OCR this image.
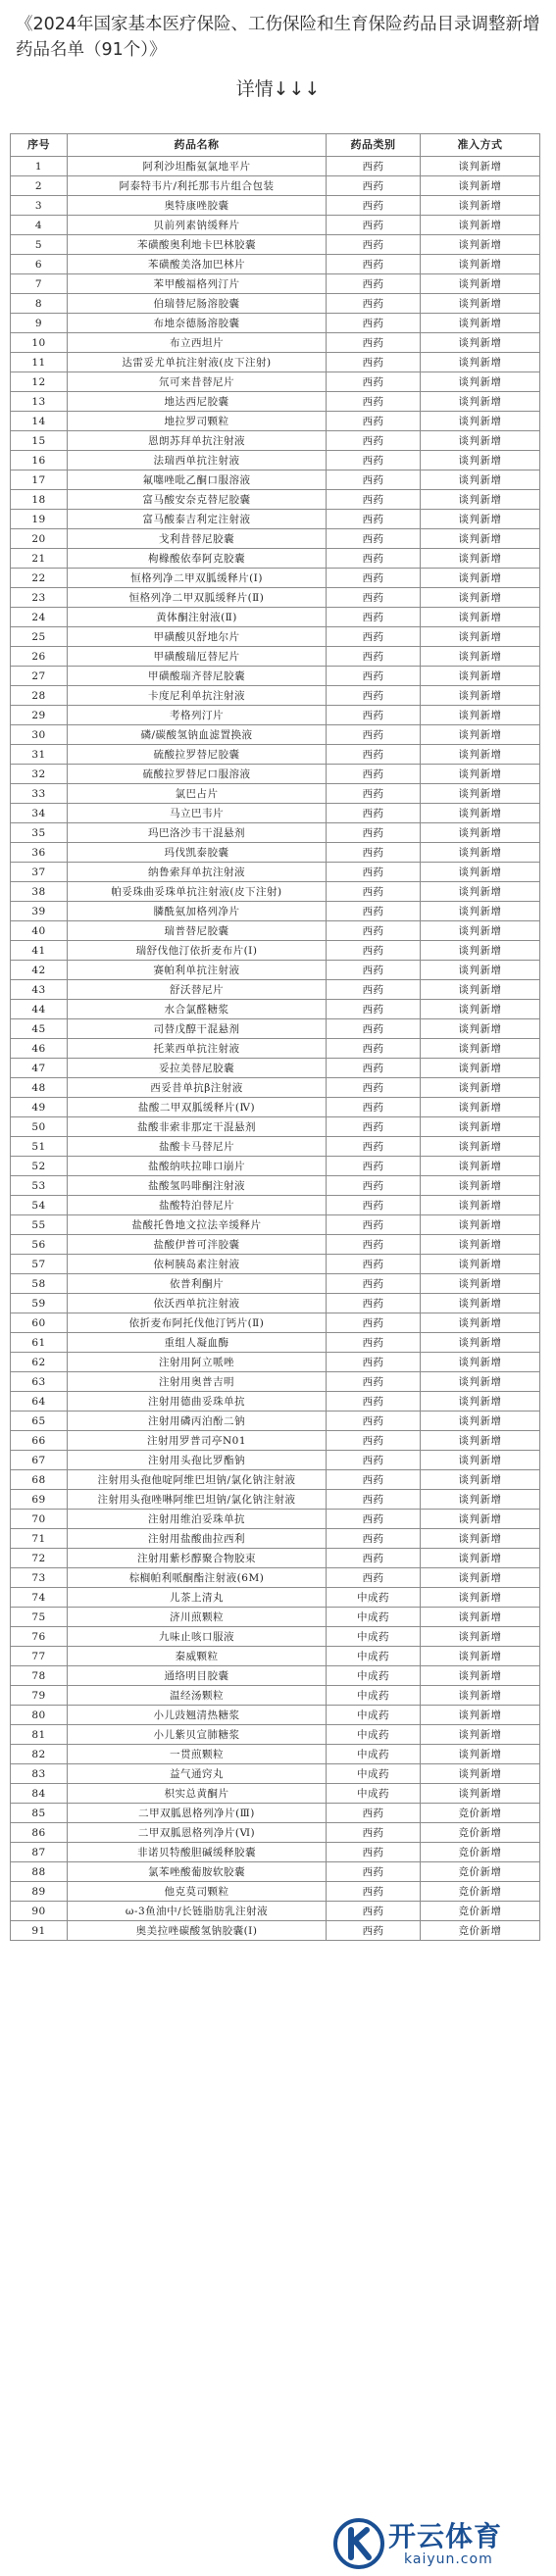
《2024年国家基本医疗保险、工伤保险和生育保险药品目录调整新增药品名单（91个）》
详情↓↓↓
序号	药品名称	药品类别	准入方式
1	阿利沙坦酯氨氯地平片	西药	谈判新增
2	阿泰特韦片/利托那韦片组合包装	西药	谈判新增
3	奥特康唑胶囊	西药	谈判新增
4	贝前列素钠缓释片	西药	谈判新增
5	苯磺酸奥利地卡巴林胶囊	西药	谈判新增
6	苯磺酸美洛加巴林片	西药	谈判新增
7	苯甲酸福格列汀片	西药	谈判新增
8	伯瑞替尼肠溶胶囊	西药	谈判新增
9	布地奈德肠溶胶囊	西药	谈判新增
10	布立西坦片	西药	谈判新增
11	达雷妥尤单抗注射液(皮下注射)	西药	谈判新增
12	氘可来昔替尼片	西药	谈判新增
13	地达西尼胶囊	西药	谈判新增
14	地拉罗司颗粒	西药	谈判新增
15	恩朗苏拜单抗注射液	西药	谈判新增
16	法瑞西单抗注射液	西药	谈判新增
17	氟噻唑吡乙酮口服溶液	西药	谈判新增
18	富马酸安奈克替尼胶囊	西药	谈判新增
19	富马酸泰吉利定注射液	西药	谈判新增
20	戈利昔替尼胶囊	西药	谈判新增
21	枸橼酸依奉阿克胶囊	西药	谈判新增
22	恒格列净二甲双胍缓释片(Ⅰ)	西药	谈判新增
23	恒格列净二甲双胍缓释片(Ⅱ)	西药	谈判新增
24	黄体酮注射液(Ⅱ)	西药	谈判新增
25	甲磺酸贝舒地尔片	西药	谈判新增
26	甲磺酸瑞厄替尼片	西药	谈判新增
27	甲磺酸瑞齐替尼胶囊	西药	谈判新增
28	卡度尼利单抗注射液	西药	谈判新增
29	考格列汀片	西药	谈判新增
30	磷/碳酸氢钠血滤置换液	西药	谈判新增
31	硫酸拉罗替尼胶囊	西药	谈判新增
32	硫酸拉罗替尼口服溶液	西药	谈判新增
33	氯巴占片	西药	谈判新增
34	马立巴韦片	西药	谈判新增
35	玛巴洛沙韦干混悬剂	西药	谈判新增
36	玛伐凯泰胶囊	西药	谈判新增
37	纳鲁索拜单抗注射液	西药	谈判新增
38	帕妥珠曲妥珠单抗注射液(皮下注射)	西药	谈判新增
39	膦酰氨加格列净片	西药	谈判新增
40	瑞普替尼胶囊	西药	谈判新增
41	瑞舒伐他汀依折麦布片(Ⅰ)	西药	谈判新增
42	赛帕利单抗注射液	西药	谈判新增
43	舒沃替尼片	西药	谈判新增
44	水合氯醛糖浆	西药	谈判新增
45	司替戊醇干混悬剂	西药	谈判新增
46	托莱西单抗注射液	西药	谈判新增
47	妥拉美替尼胶囊	西药	谈判新增
48	西妥昔单抗β注射液	西药	谈判新增
49	盐酸二甲双胍缓释片(Ⅳ)	西药	谈判新增
50	盐酸非索非那定干混悬剂	西药	谈判新增
51	盐酸卡马替尼片	西药	谈判新增
52	盐酸纳呋拉啡口崩片	西药	谈判新增
53	盐酸氢吗啡酮注射液	西药	谈判新增
54	盐酸特泊替尼片	西药	谈判新增
55	盐酸托鲁地文拉法辛缓释片	西药	谈判新增
56	盐酸伊普可泮胶囊	西药	谈判新增
57	依柯胰岛素注射液	西药	谈判新增
58	依普利酮片	西药	谈判新增
59	依沃西单抗注射液	西药	谈判新增
60	依折麦布阿托伐他汀钙片(Ⅱ)	西药	谈判新增
61	重组人凝血酶	西药	谈判新增
62	注射用阿立哌唑	西药	谈判新增
63	注射用奥普吉明	西药	谈判新增
64	注射用德曲妥珠单抗	西药	谈判新增
65	注射用磷丙泊酚二钠	西药	谈判新增
66	注射用罗普司亭N01	西药	谈判新增
67	注射用头孢比罗酯钠	西药	谈判新增
68	注射用头孢他啶阿维巴坦钠/氯化钠注射液	西药	谈判新增
69	注射用头孢唑啉阿维巴坦钠/氯化钠注射液	西药	谈判新增
70	注射用维泊妥珠单抗	西药	谈判新增
71	注射用盐酸曲拉西利	西药	谈判新增
72	注射用紫杉醇聚合物胶束	西药	谈判新增
73	棕榈帕利哌酮酯注射液(6M)	西药	谈判新增
74	儿茶上清丸	中成药	谈判新增
75	济川煎颗粒	中成药	谈判新增
76	九味止咳口服液	中成药	谈判新增
77	秦威颗粒	中成药	谈判新增
78	通络明目胶囊	中成药	谈判新增
79	温经汤颗粒	中成药	谈判新增
80	小儿豉翘清热糖浆	中成药	谈判新增
81	小儿紫贝宣肺糖浆	中成药	谈判新增
82	一贯煎颗粒	中成药	谈判新增
83	益气通窍丸	中成药	谈判新增
84	枳实总黄酮片	中成药	谈判新增
85	二甲双胍恩格列净片(Ⅲ)	西药	竞价新增
86	二甲双胍恩格列净片(Ⅵ)	西药	竞价新增
87	非诺贝特酸胆碱缓释胶囊	西药	竞价新增
88	氯苯唑酸葡胺软胶囊	西药	竞价新增
89	他克莫司颗粒	西药	竞价新增
90	ω-3鱼油中/长链脂肪乳注射液	西药	竞价新增
91	奥美拉唑碳酸氢钠胶囊(Ⅰ)	西药	竞价新增
开云体育
kaiyun.com
